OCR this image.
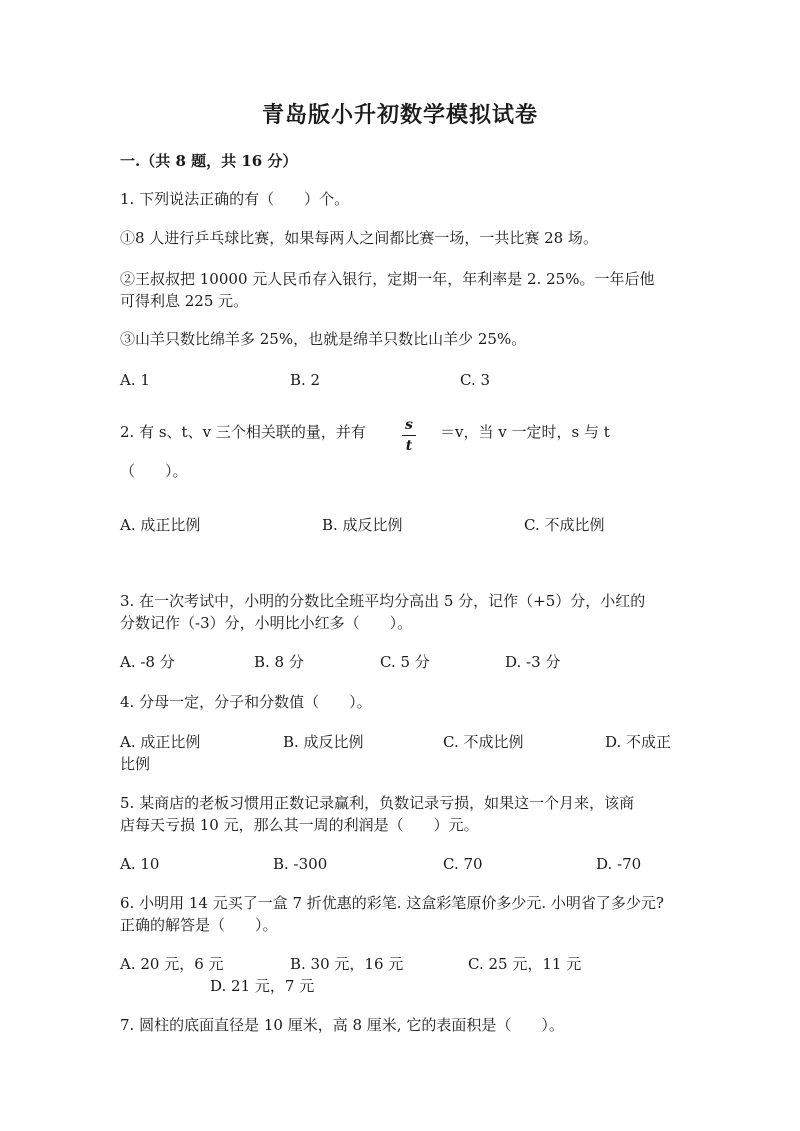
青岛版小升初数学模拟试卷
一.（共 8 题，共 16 分）
1. 下列说法正确的有（　　）个。
①8 人进行乒乓球比赛，如果每两人之间都比赛一场，一共比赛 28 场。
②王叔叔把 10000 元人民币存入银行，定期一年，年利率是 2. 25%。一年后他
可得利息 225 元。
③山羊只数比绵羊多 25%，也就是绵羊只数比山羊少 25%。
A. 1	B. 2	C. 3
2. 有 s、t、v 三个相关联的量，并有	s
t
＝v，当 v 一定时，s 与 t
（　　）。
A. 成正比例	B. 成反比例	C. 不成比例
3. 在一次考试中，小明的分数比全班平均分高出 5 分，记作（+5）分，小红的
分数记作（-3）分，小明比小红多（　　）。
A. -8 分	B. 8 分	C. 5 分	D. -3 分
4. 分母一定，分子和分数值（　　）。
A. 成正比例	B. 成反比例	C. 不成比例	D. 不成正
比例
5. 某商店的老板习惯用正数记录赢利，负数记录亏损，如果这一个月来，该商
店每天亏损 10 元，那么其一周的利润是（　　）元。
A. 10	B. -300	C. 70	D. -70
6. 小明用 14 元买了一盒 7 折优惠的彩笔. 这盒彩笔原价多少元. 小明省了多少元?
正确的解答是（　　）。
A. 20 元，6 元	B. 30 元，16 元	C. 25 元，11 元
D. 21 元，7 元
7. 圆柱的底面直径是 10 厘米，高 8 厘米, 它的表面积是（　　）。
